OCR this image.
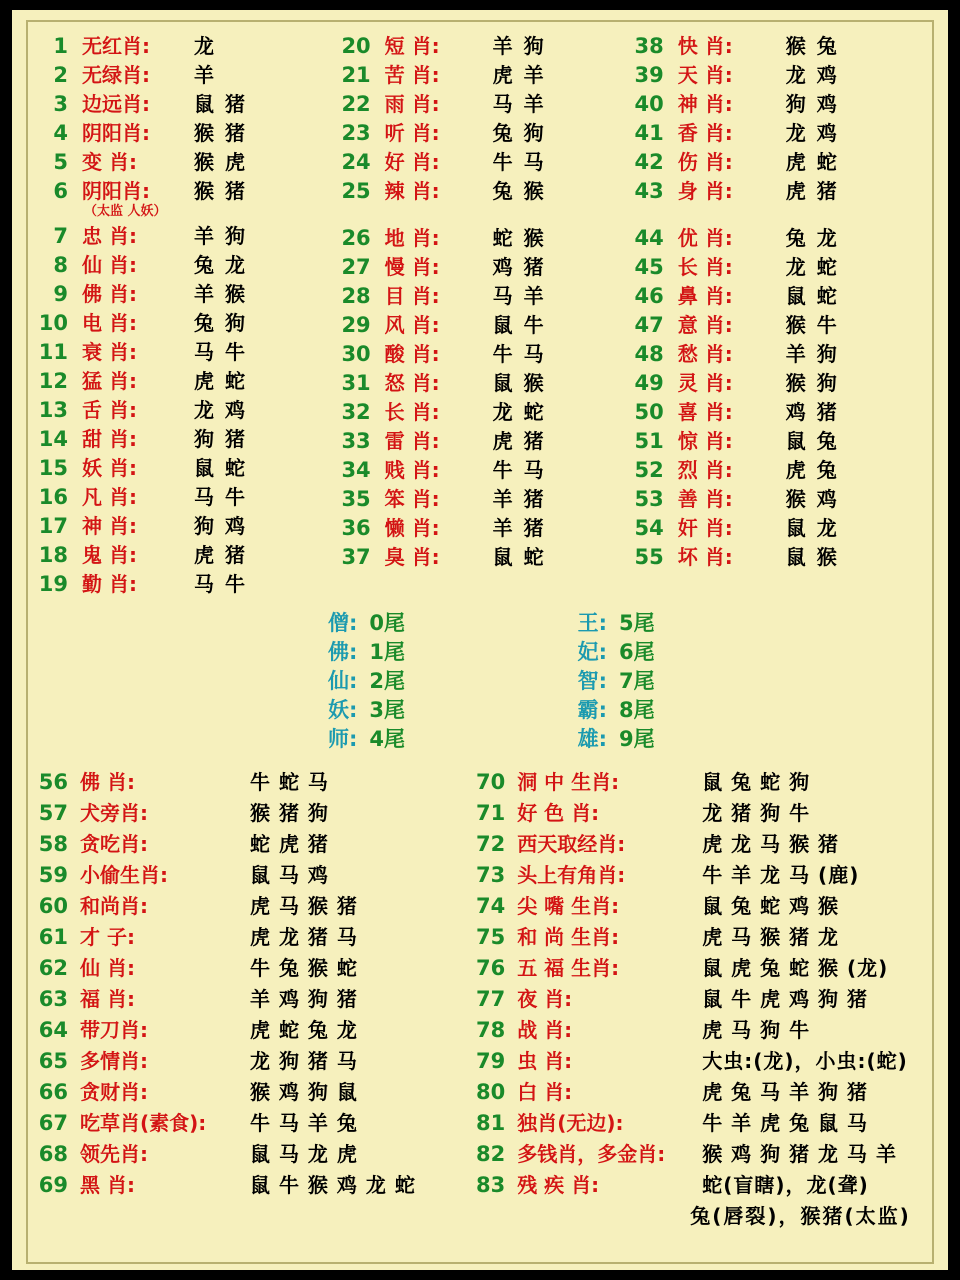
1 无红肖:	龙
2 无绿肖:	羊
3 边远肖:	鼠 猪
4 阴阳肖:	猴 猪
5 变 肖:	猴 虎
6 阴阳肖:	猴 猪
（太监 人妖）
7 忠 肖:	羊 狗
8 仙 肖:	兔 龙
9 佛 肖:	羊 猴
10 电 肖:	兔 狗
11 衰 肖:	马 牛
12 猛 肖:	虎 蛇
13 舌 肖:	龙 鸡
14 甜 肖:	狗 猪
15 妖 肖:	鼠 蛇
16 凡 肖:	马 牛
17 神 肖:	狗 鸡
18 鬼 肖:	虎 猪
19 勤 肖:	马 牛
20 短 肖:	羊 狗
21 苦 肖:	虎 羊
22 雨 肖:	马 羊
23 听 肖:	兔 狗
24 好 肖:	牛 马
25 辣 肖:	兔 猴
26 地 肖:	蛇 猴
27 慢 肖:	鸡 猪
28 目 肖:	马 羊
29 风 肖:	鼠 牛
30 酸 肖:	牛 马
31 怒 肖:	鼠 猴
32 长 肖:	龙 蛇
33 雷 肖:	虎 猪
34 贱 肖:	牛 马
35 笨 肖:	羊 猪
36 懒 肖:	羊 猪
37 臭 肖:	鼠 蛇
38 快 肖:	猴 兔
39 天 肖:	龙 鸡
40 神 肖:	狗 鸡
41 香 肖:	龙 鸡
42 伤 肖:	虎 蛇
43 身 肖:	虎 猪
44 优 肖:	兔 龙
45 长 肖:	龙 蛇
46 鼻 肖:	鼠 蛇
47 意 肖:	猴 牛
48 愁 肖:	羊 狗
49 灵 肖:	猴 狗
50 喜 肖:	鸡 猪
51 惊 肖:	鼠 兔
52 烈 肖:	虎 兔
53 善 肖:	猴 鸡
54 奸 肖:	鼠 龙
55 坏 肖:	鼠 猴
僧: 0尾
佛: 1尾
仙: 2尾
妖: 3尾
师: 4尾
王: 5尾
妃: 6尾
智: 7尾
霸: 8尾
雄: 9尾
56 佛 肖:	牛 蛇 马
57 犬旁肖:	猴 猪 狗
58 贪吃肖:	蛇 虎 猪
59 小偷生肖:	鼠 马 鸡
60 和尚肖:	虎 马 猴 猪
61 才 子:	虎 龙 猪 马
62 仙 肖:	牛 兔 猴 蛇
63 福 肖:	羊 鸡 狗 猪
64 带刀肖:	虎 蛇 兔 龙
65 多情肖:	龙 狗 猪 马
66 贪财肖:	猴 鸡 狗 鼠
67 吃草肖(素食):	牛 马 羊 兔
68 领先肖:	鼠 马 龙 虎
69 黑 肖:	鼠 牛 猴 鸡 龙 蛇
70 洞 中 生肖:	鼠 兔 蛇 狗
71 好 色 肖:	龙 猪 狗 牛
72 西天取经肖:	虎 龙 马 猴 猪
73 头上有角肖:	牛 羊 龙 马 (鹿)
74 尖 嘴 生肖:	鼠 兔 蛇 鸡 猴
75 和 尚 生肖:	虎 马 猴 猪 龙
76 五 福 生肖:	鼠 虎 兔 蛇 猴 (龙)
77 夜 肖:	鼠 牛 虎 鸡 狗 猪
78 战 肖:	虎 马 狗 牛
79 虫 肖:	大虫:(龙)，小虫:(蛇)
80 白 肖:	虎 兔 马 羊 狗 猪
81 独肖(无边):	牛 羊 虎 兔 鼠 马
82 多钱肖，多金肖:	猴 鸡 狗 猪 龙 马 羊
83 残 疾 肖:	蛇(盲瞎)，龙(聋)
兔(唇裂)，猴猪(太监)
